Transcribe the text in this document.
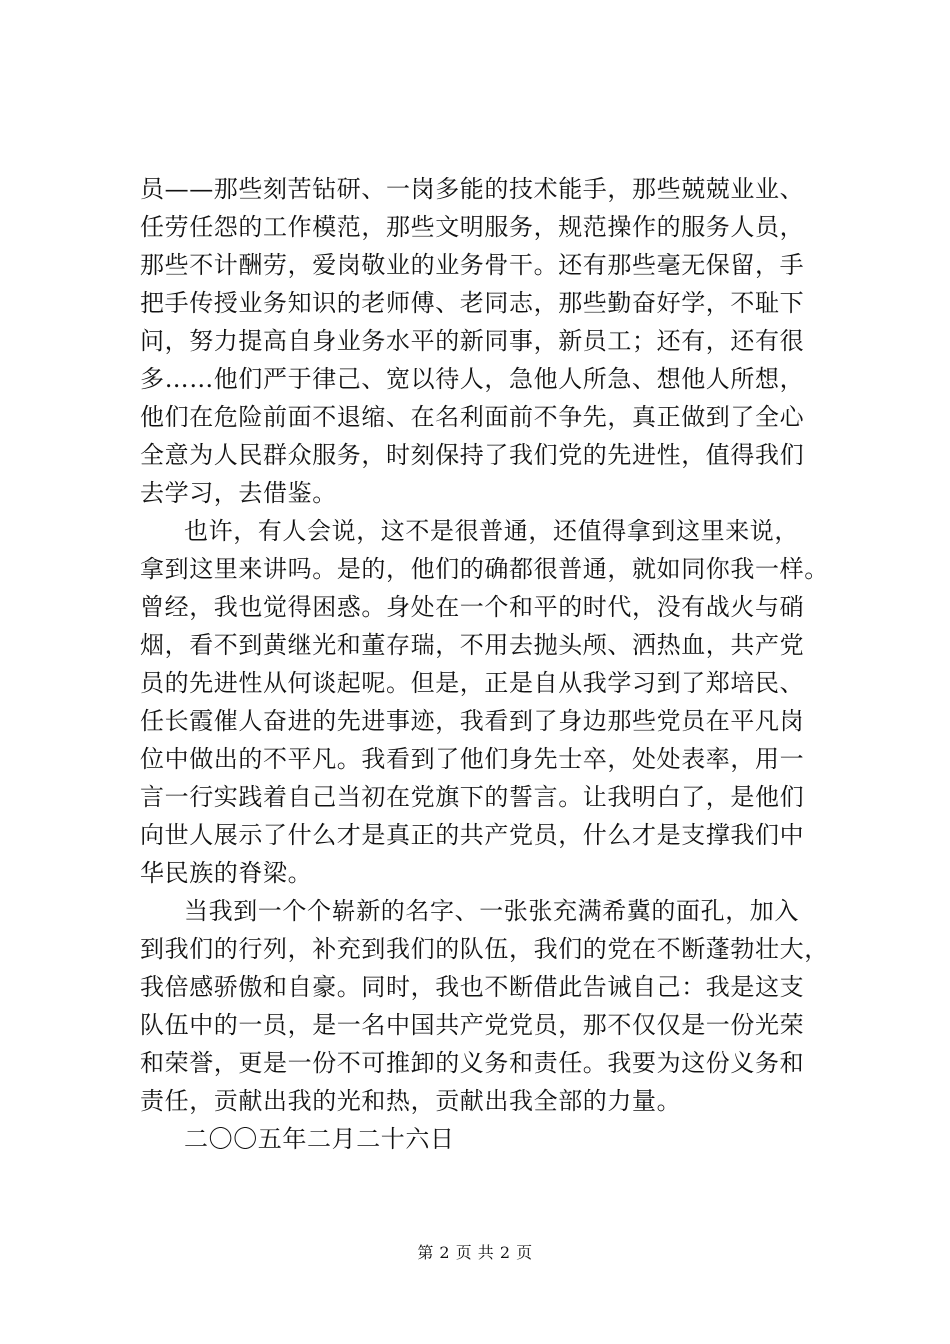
员——那些刻苦钻研、一岗多能的技术能手，那些兢兢业业、
任劳任怨的工作模范，那些文明服务，规范操作的服务人员，
那些不计酬劳，爱岗敬业的业务骨干。还有那些毫无保留，手
把手传授业务知识的老师傅、老同志，那些勤奋好学，不耻下
问，努力提高自身业务水平的新同事，新员工；还有，还有很
多……他们严于律己、宽以待人，急他人所急、想他人所想，
他们在危险前面不退缩、在名利面前不争先，真正做到了全心
全意为人民群众服务，时刻保持了我们党的先进性，值得我们
去学习，去借鉴。
也许，有人会说，这不是很普通，还值得拿到这里来说，
拿到这里来讲吗。是的，他们的确都很普通，就如同你我一样。
曾经，我也觉得困惑。身处在一个和平的时代，没有战火与硝
烟，看不到黄继光和董存瑞，不用去抛头颅、洒热血，共产党
员的先进性从何谈起呢。但是，正是自从我学习到了郑培民、
任长霞催人奋进的先进事迹，我看到了身边那些党员在平凡岗
位中做出的不平凡。我看到了他们身先士卒，处处表率，用一
言一行实践着自己当初在党旗下的誓言。让我明白了，是他们
向世人展示了什么才是真正的共产党员，什么才是支撑我们中
华民族的脊梁。
当我到一个个崭新的名字、一张张充满希冀的面孔，加入
到我们的行列，补充到我们的队伍，我们的党在不断蓬勃壮大，
我倍感骄傲和自豪。同时，我也不断借此告诫自己：我是这支
队伍中的一员，是一名中国共产党党员，那不仅仅是一份光荣
和荣誉，更是一份不可推卸的义务和责任。我要为这份义务和
责任，贡献出我的光和热，贡献出我全部的力量。
二〇〇五年二月二十六日
第 2 页 共 2 页
